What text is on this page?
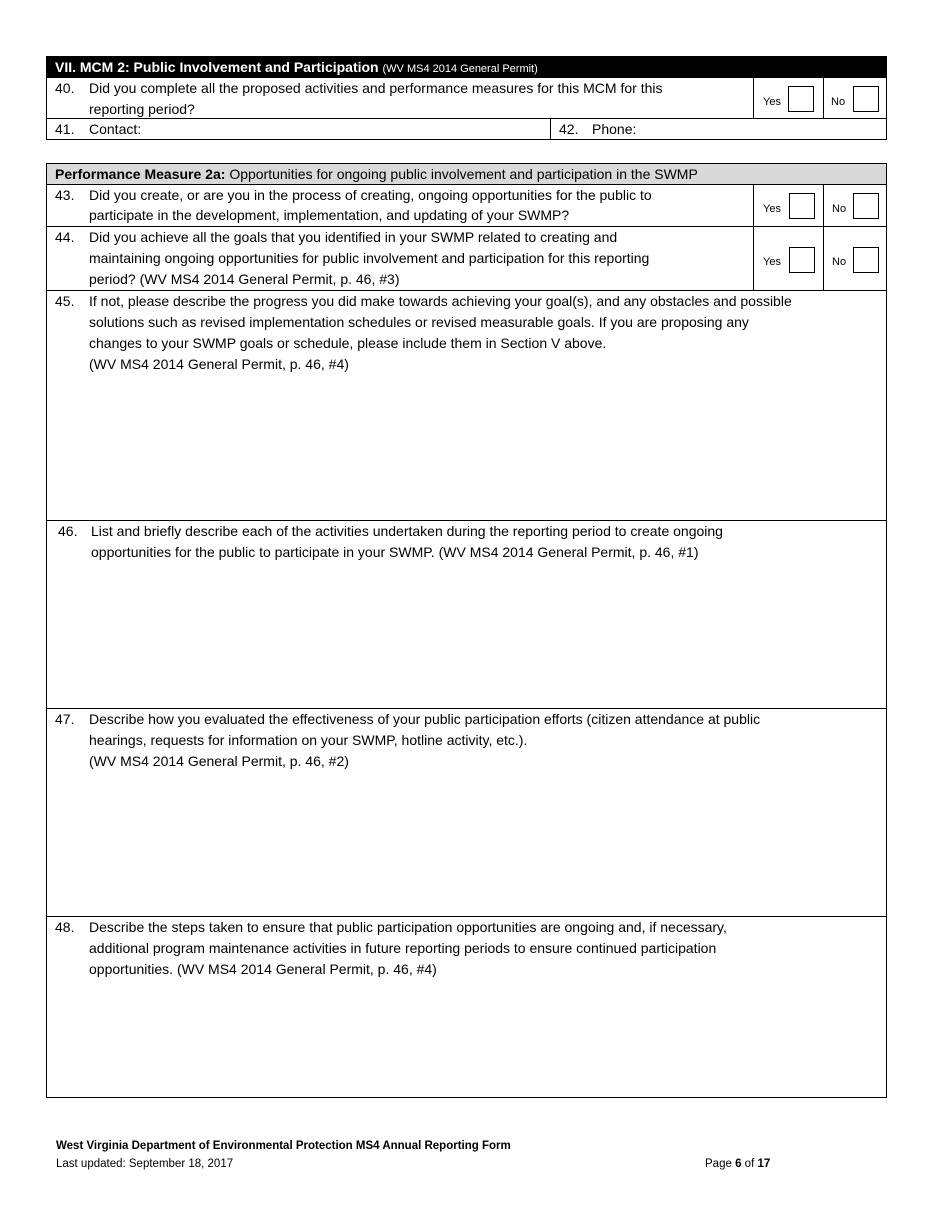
VII. MCM 2: Public Involvement and Participation (WV MS4 2014 General Permit)
40. Did you complete all the proposed activities and performance measures for this MCM for this
reporting period?	Yes	No
41. Contact:	42. Phone:
Performance Measure 2a: Opportunities for ongoing public involvement and participation in the SWMP
43. Did you create, or are you in the process of creating, ongoing opportunities for the public to
participate in the development, implementation, and updating of your SWMP?	Yes	No
44. Did you achieve all the goals that you identified in your SWMP related to creating and
maintaining ongoing opportunities for public involvement and participation for this reporting
period? (WV MS4 2014 General Permit, p. 46, #3)
Yes	No
45. If not, please describe the progress you did make towards achieving your goal(s), and any obstacles and possible
solutions such as revised implementation schedules or revised measurable goals. If you are proposing any
changes to your SWMP goals or schedule, please include them in Section V above.
(WV MS4 2014 General Permit, p. 46, #4)
46. List and briefly describe each of the activities undertaken during the reporting period to create ongoing
opportunities for the public to participate in your SWMP. (WV MS4 2014 General Permit, p. 46, #1)
47. Describe how you evaluated the effectiveness of your public participation efforts (citizen attendance at public
hearings, requests for information on your SWMP, hotline activity, etc.).
(WV MS4 2014 General Permit, p. 46, #2)
48. Describe the steps taken to ensure that public participation opportunities are ongoing and, if necessary,
additional program maintenance activities in future reporting periods to ensure continued participation
opportunities. (WV MS4 2014 General Permit, p. 46, #4)
West Virginia Department of Environmental Protection MS4 Annual Reporting Form
Last updated: September 18, 2017	Page 6 of 17
